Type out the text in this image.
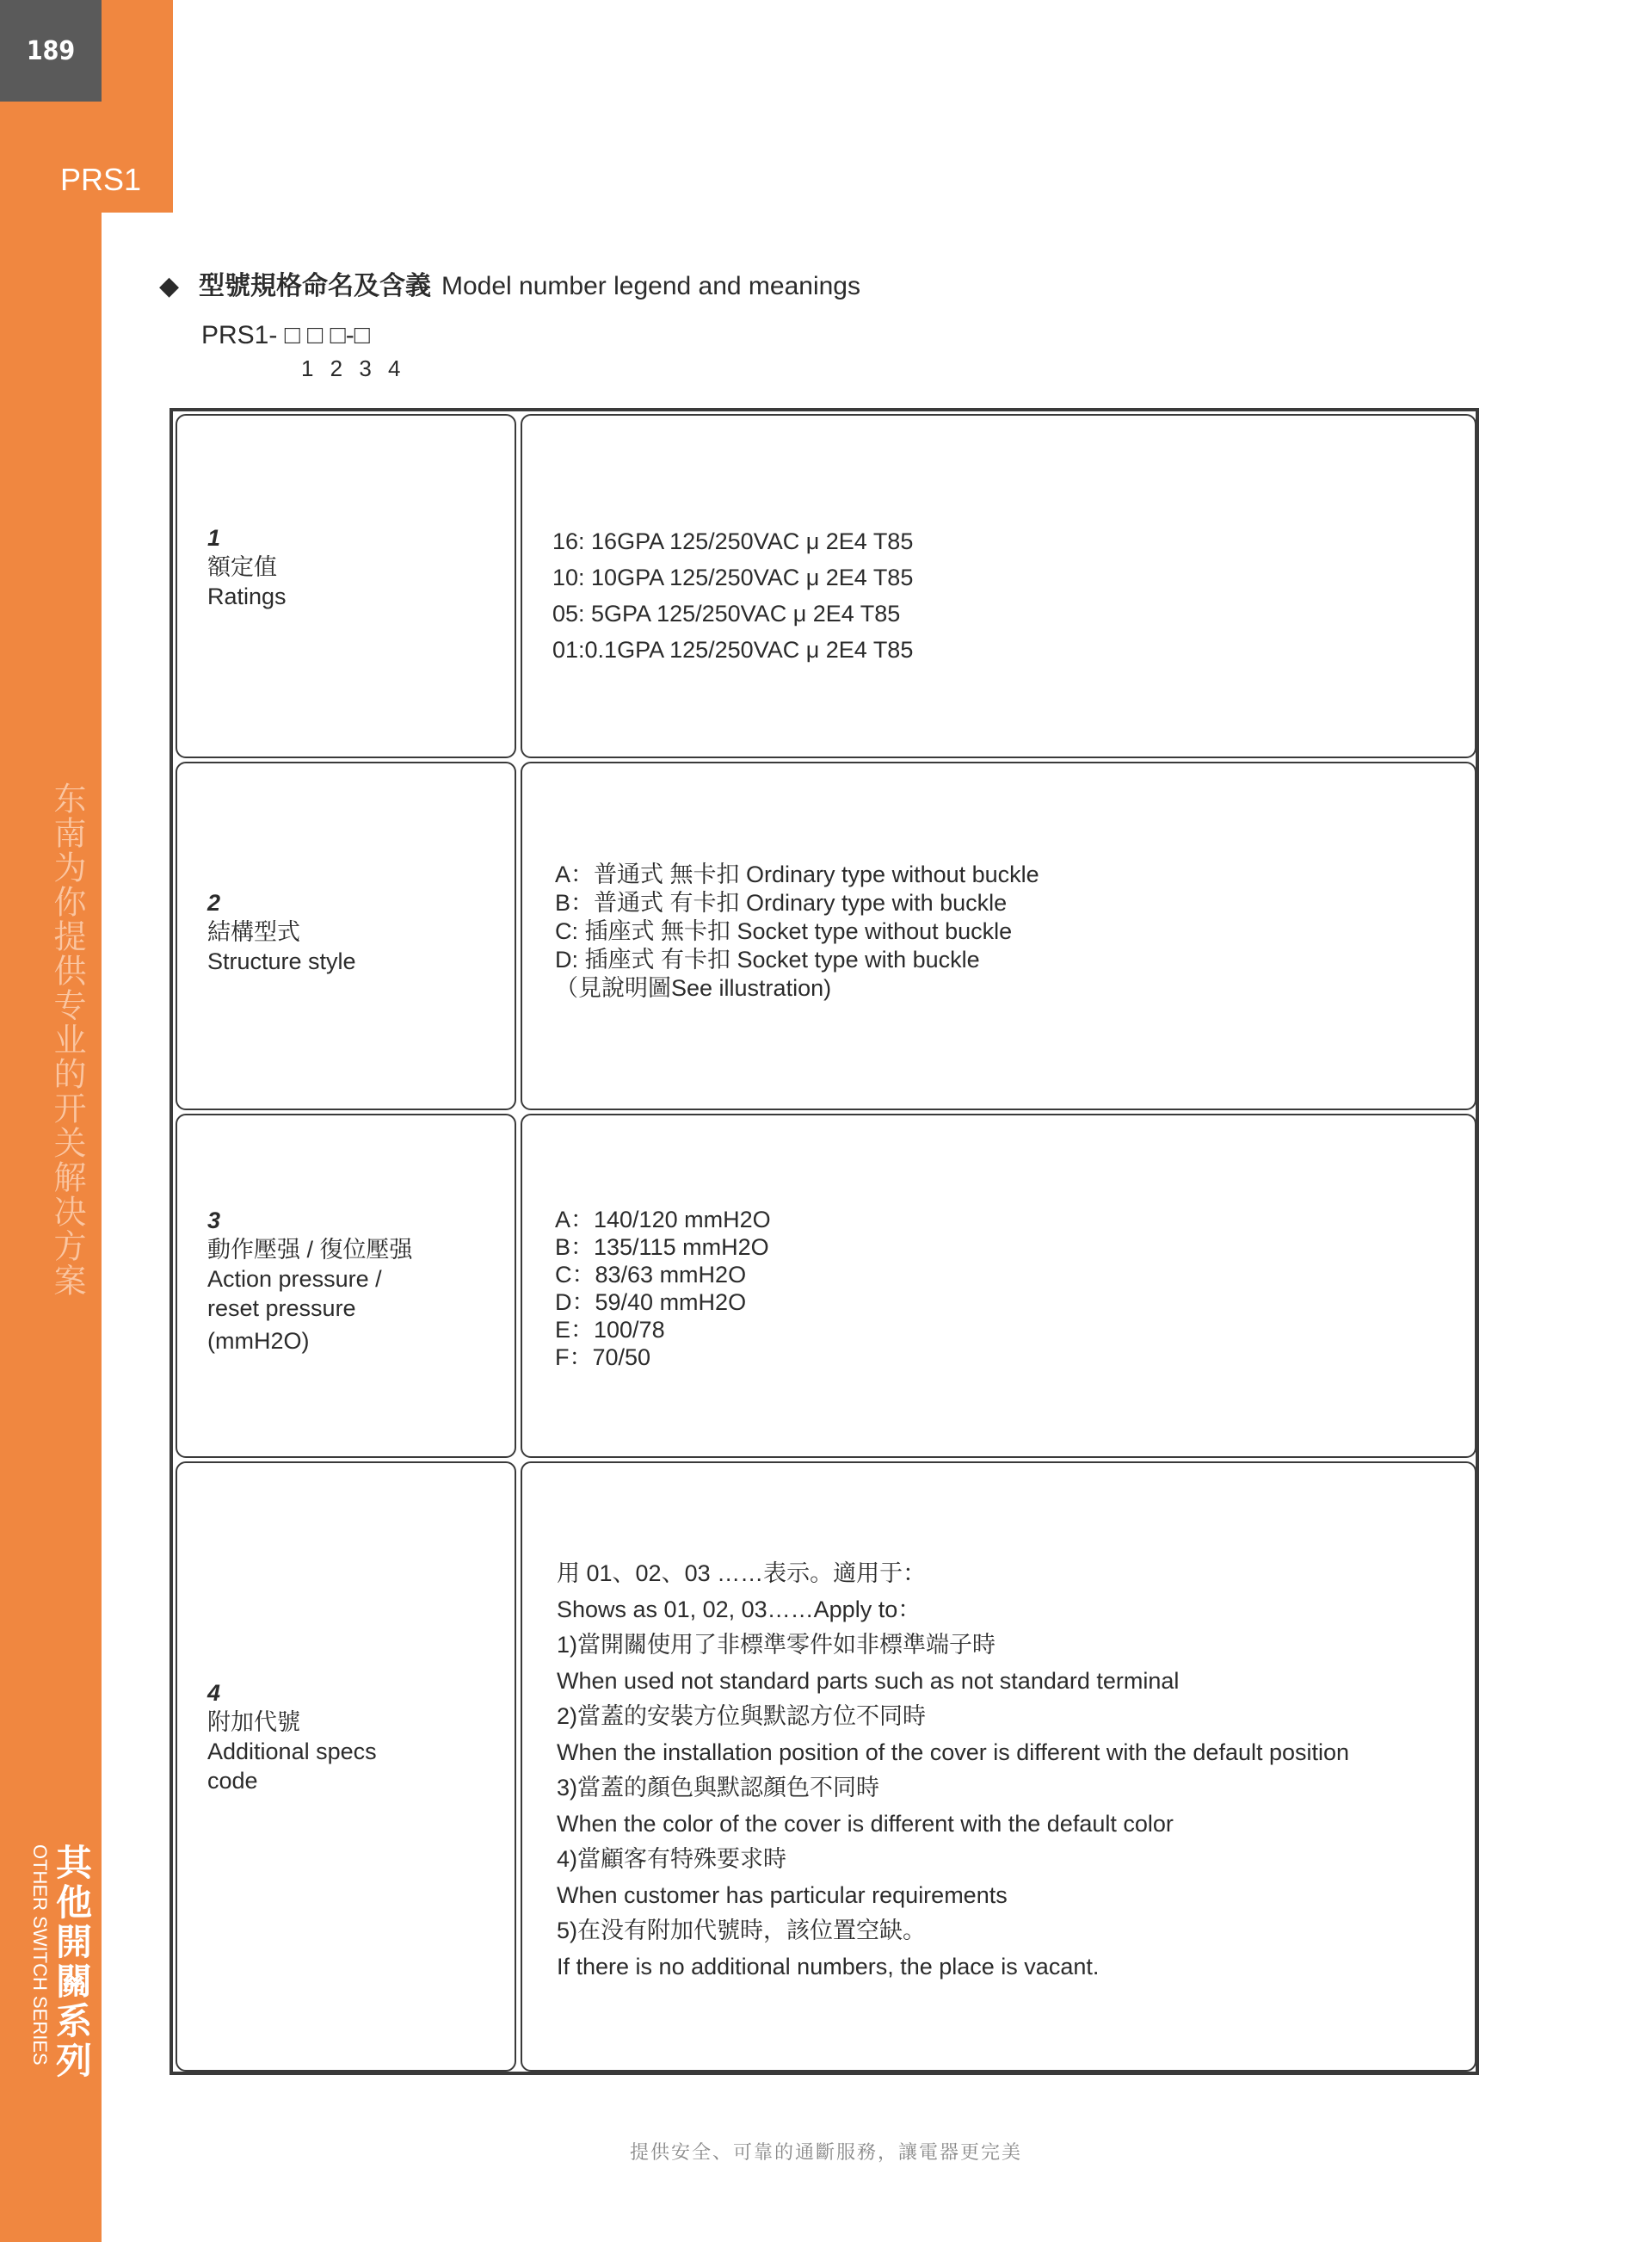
189
PRS1
东南为你提供专业的开关解决方案
其他開關系列
OTHER SWITCH SERIES
◆ 型號規格命名及含義 Model number legend and meanings
PRS1- □ □ □-□
1 2 3 4
1
額定值
Ratings
16: 16GPA 125/250VAC μ 2E4 T85
10: 10GPA 125/250VAC μ 2E4 T85
05: 5GPA 125/250VAC μ 2E4 T85
01:0.1GPA 125/250VAC μ 2E4 T85
2
結構型式
Structure style
A：普通式 無卡扣 Ordinary type without buckle
B：普通式 有卡扣 Ordinary type with buckle
C: 插座式 無卡扣 Socket type without buckle
D: 插座式 有卡扣 Socket type with buckle
（見說明圖See illustration)
3
動作壓强 / 復位壓强
Action pressure /
reset pressure
(mmH2O)
A：140/120 mmH2O
B：135/115 mmH2O
C：83/63 mmH2O
D：59/40 mmH2O
E：100/78
F：70/50
4
附加代號
Additional specs
code
用 01、02、03 ……表示。適用于：
Shows as 01, 02, 03……Apply to：
1)當開關使用了非標準零件如非標準端子時
When used not standard parts such as not standard terminal
2)當蓋的安裝方位與默認方位不同時
When the installation position of the cover is different with the default position
3)當蓋的顏色與默認顏色不同時
When the color of the cover is different with the default color
4)當顧客有特殊要求時
When customer has particular requirements
5)在没有附加代號時，該位置空缺。
If there is no additional numbers, the place is vacant.
提供安全、可靠的通斷服務，讓電器更完美
